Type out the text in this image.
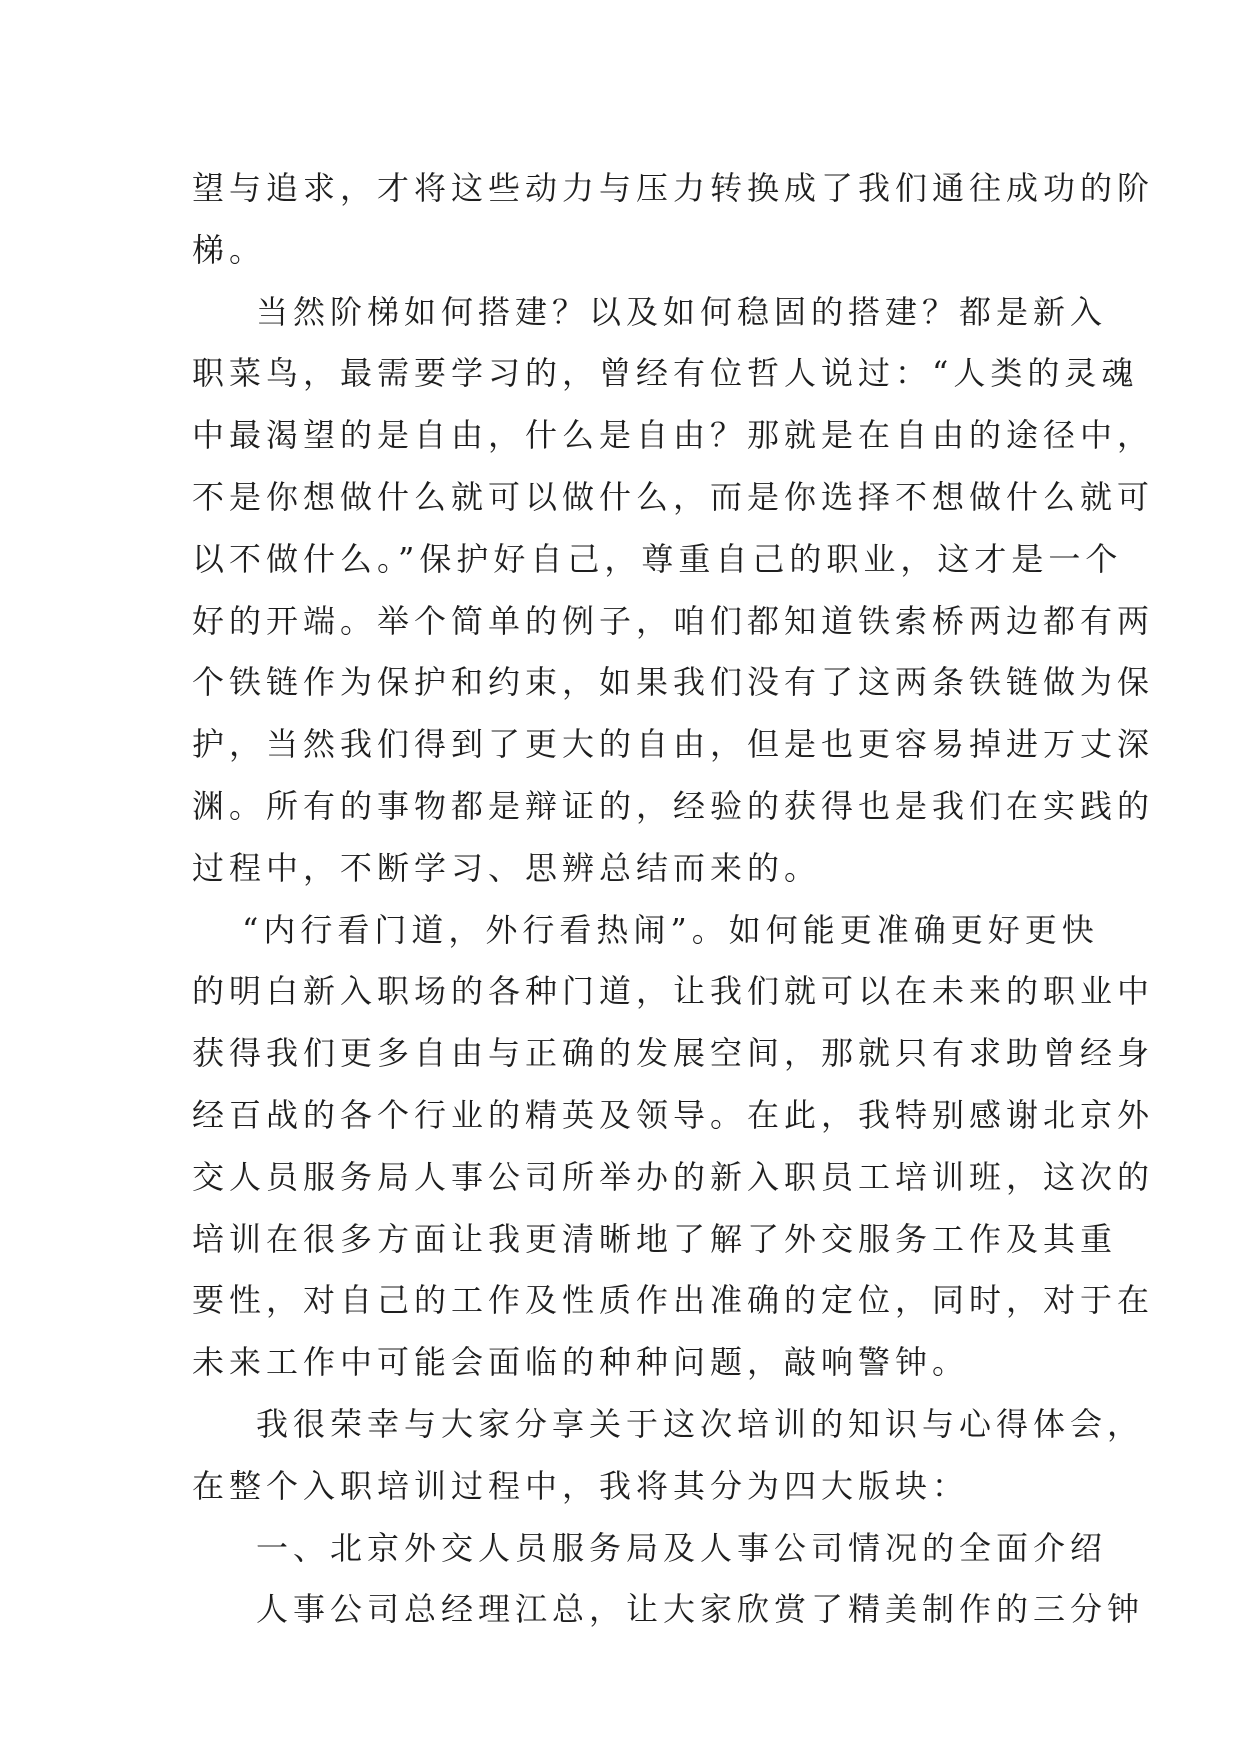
望与追求，才将这些动力与压力转换成了我们通往成功的阶

梯。

当然阶梯如何搭建？以及如何稳固的搭建？都是新入

职菜鸟，最需要学习的，曾经有位哲人说过：“人类的灵魂

中最渴望的是自由，什么是自由？那就是在自由的途径中，

不是你想做什么就可以做什么，而是你选择不想做什么就可

以不做什么。”保护好自己，尊重自己的职业，这才是一个

好的开端。举个简单的例子，咱们都知道铁索桥两边都有两

个铁链作为保护和约束，如果我们没有了这两条铁链做为保

护，当然我们得到了更大的自由，但是也更容易掉进万丈深

渊。所有的事物都是辩证的，经验的获得也是我们在实践的

过程中，不断学习、思辨总结而来的。

“内行看门道，外行看热闹”。如何能更准确更好更快

的明白新入职场的各种门道，让我们就可以在未来的职业中

获得我们更多自由与正确的发展空间，那就只有求助曾经身

经百战的各个行业的精英及领导。在此，我特别感谢北京外

交人员服务局人事公司所举办的新入职员工培训班，这次的

培训在很多方面让我更清晰地了解了外交服务工作及其重

要性，对自己的工作及性质作出准确的定位，同时，对于在

未来工作中可能会面临的种种问题，敲响警钟。

我很荣幸与大家分享关于这次培训的知识与心得体会，

在整个入职培训过程中，我将其分为四大版块：

一、北京外交人员服务局及人事公司情况的全面介绍

人事公司总经理江总，让大家欣赏了精美制作的三分钟
